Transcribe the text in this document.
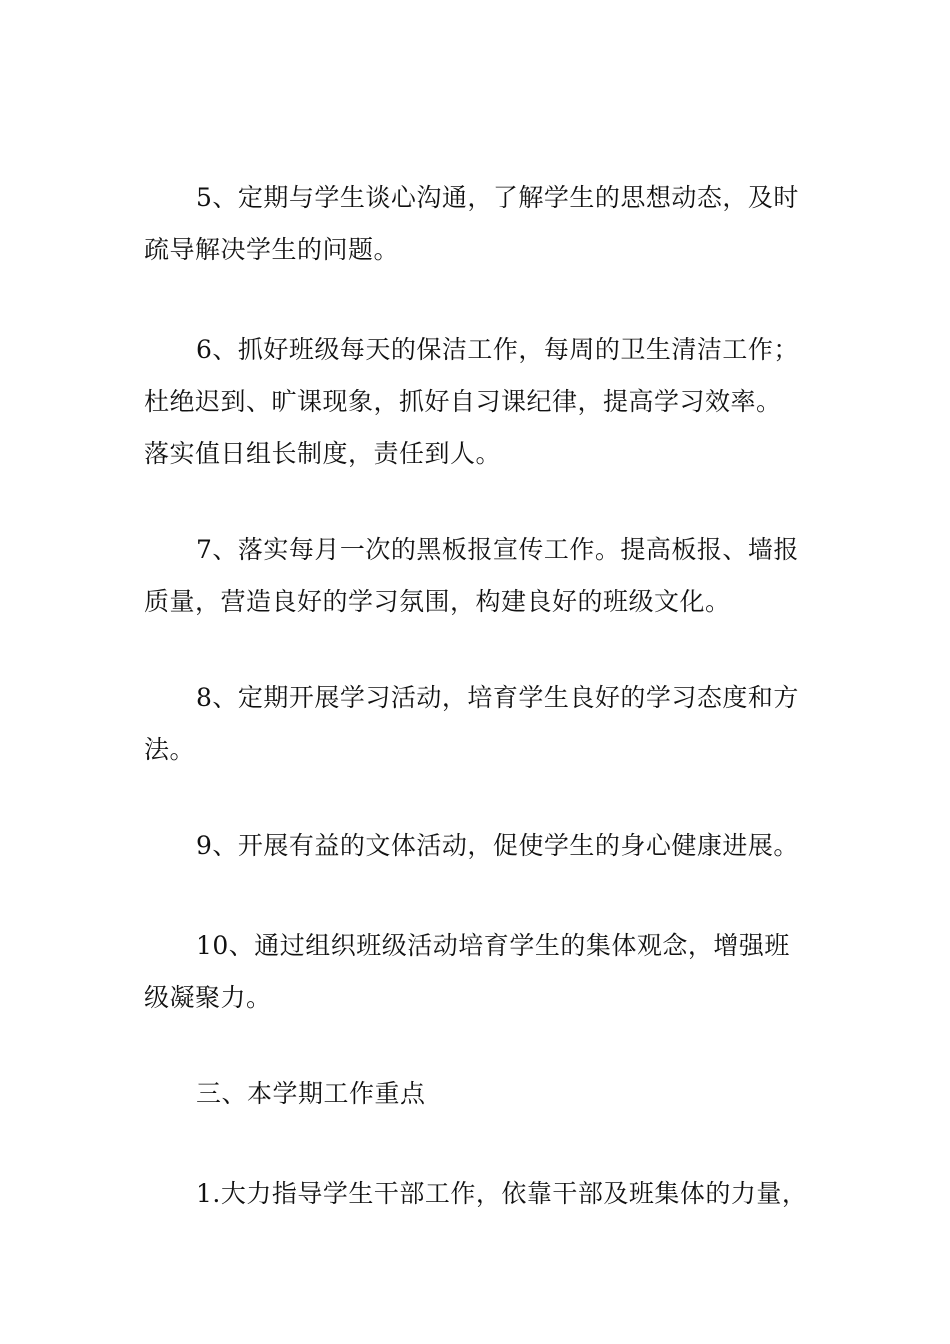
5、定期与学生谈心沟通，了解学生的思想动态，及时
疏导解决学生的问题。

6、抓好班级每天的保洁工作，每周的卫生清洁工作；
杜绝迟到、旷课现象，抓好自习课纪律，提高学习效率。
落实值日组长制度，责任到人。

7、落实每月一次的黑板报宣传工作。提高板报、墙报
质量，营造良好的学习氛围，构建良好的班级文化。

8、定期开展学习活动，培育学生良好的学习态度和方
法。

9、开展有益的文体活动，促使学生的身心健康进展。

10、通过组织班级活动培育学生的集体观念，增强班
级凝聚力。

三、本学期工作重点

1.大力指导学生干部工作，依靠干部及班集体的力量，
